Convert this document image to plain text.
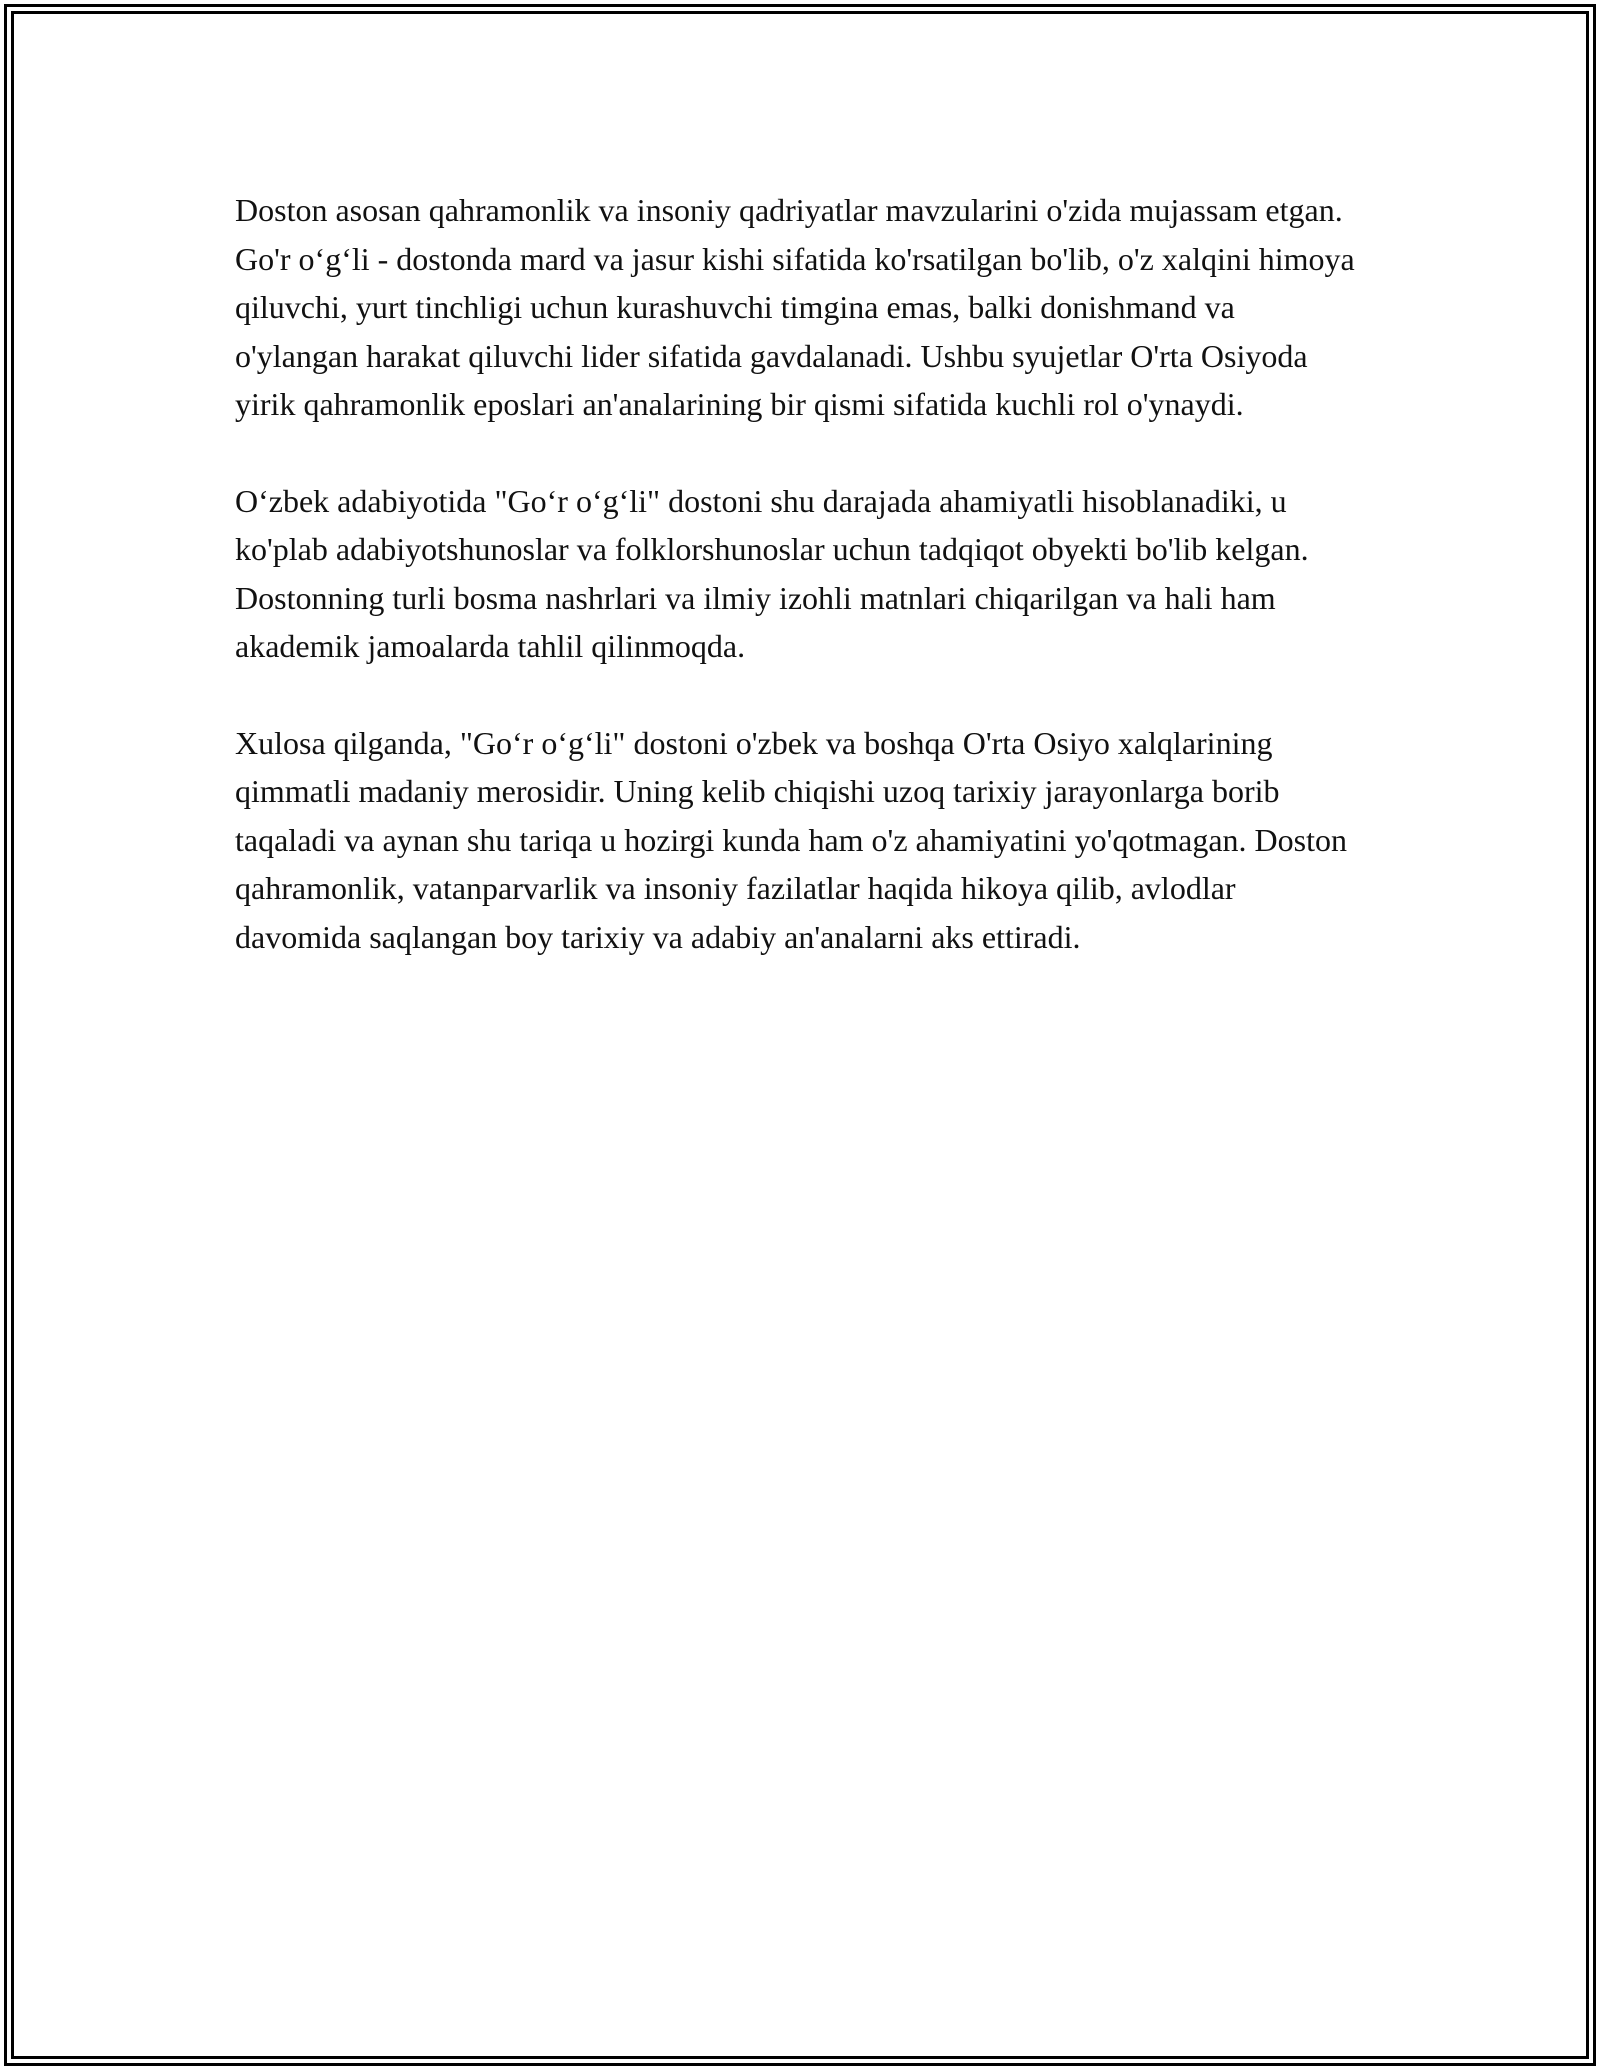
Doston asosan qahramonlik va insoniy qadriyatlar mavzularini o'zida mujassam etgan. Go'r o‘g‘li - dostonda mard va jasur kishi sifatida ko'rsatilgan bo'lib, o'z xalqini himoya qiluvchi, yurt tinchligi uchun kurashuvchi timgina emas, balki donishmand va o'ylangan harakat qiluvchi lider sifatida gavdalanadi. Ushbu syujetlar O'rta Osiyoda yirik qahramonlik eposlari an'analarining bir qismi sifatida kuchli rol o'ynaydi.

O‘zbek adabiyotida "Go‘r o‘g‘li" dostoni shu darajada ahamiyatli hisoblanadiki, u ko'plab adabiyotshunoslar va folklorshunoslar uchun tadqiqot obyekti bo'lib kelgan. Dostonning turli bosma nashrlari va ilmiy izohli matnlari chiqarilgan va hali ham akademik jamoalarda tahlil qilinmoqda.

Xulosa qilganda, "Go‘r o‘g‘li" dostoni o'zbek va boshqa O'rta Osiyo xalqlarining qimmatli madaniy merosidir. Uning kelib chiqishi uzoq tarixiy jarayonlarga borib taqaladi va aynan shu tariqa u hozirgi kunda ham o'z ahamiyatini yo'qotmagan. Doston qahramonlik, vatanparvarlik va insoniy fazilatlar haqida hikoya qilib, avlodlar davomida saqlangan boy tarixiy va adabiy an'analarni aks ettiradi.
